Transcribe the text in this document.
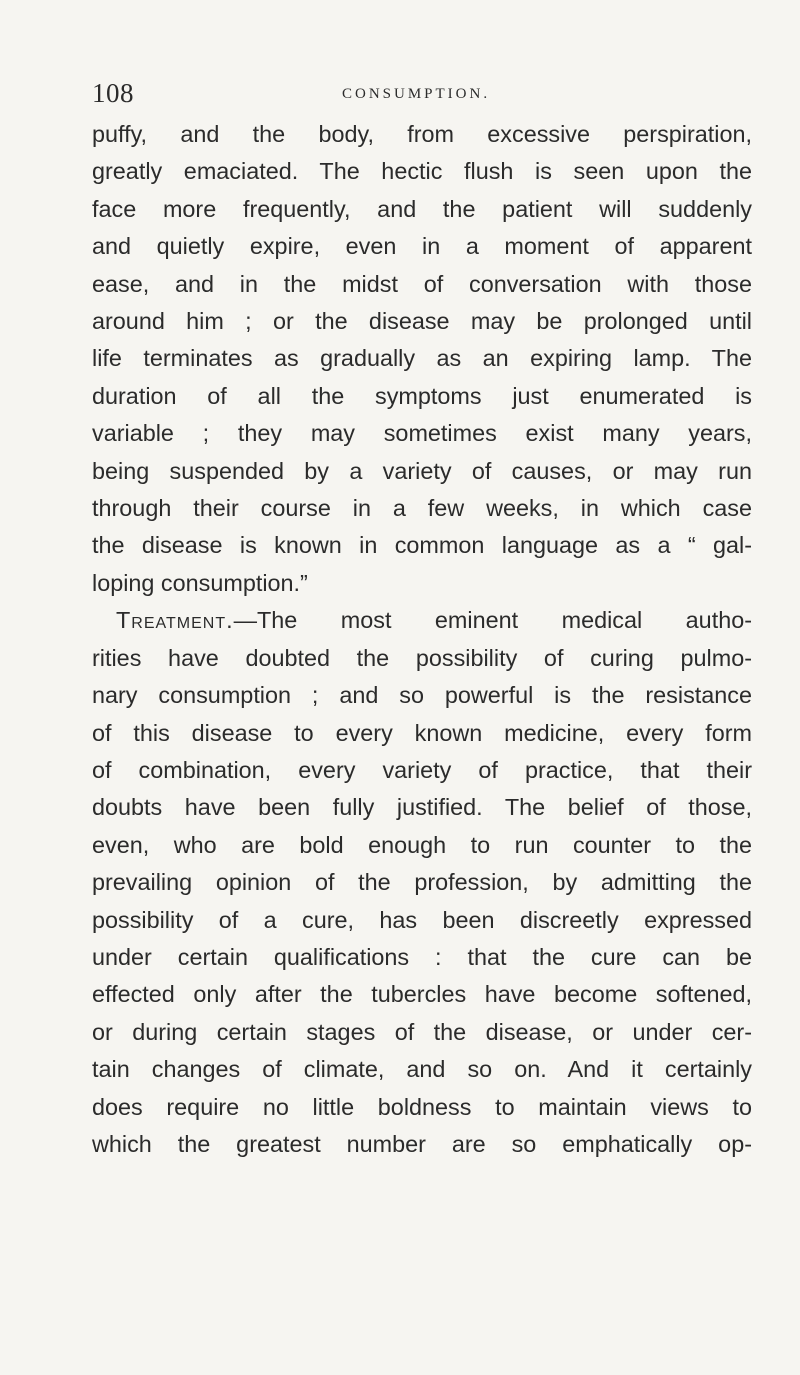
108	CONSUMPTION.
puffy, and the body, from excessive perspiration,
greatly emaciated. The hectic flush is seen upon the
face more frequently, and the patient will suddenly
and quietly expire, even in a moment of apparent
ease, and in the midst of conversation with those
around him ; or the disease may be prolonged until
life terminates as gradually as an expiring lamp. The
duration of all the symptoms just enumerated is
variable ; they may sometimes exist many years,
being suspended by a variety of causes, or may run
through their course in a few weeks, in which case
the disease is known in common language as a “ gal-
loping consumption.”
Treatment.—The most eminent medical autho-
rities have doubted the possibility of curing pulmo-
nary consumption ; and so powerful is the resistance
of this disease to every known medicine, every form
of combination, every variety of practice, that their
doubts have been fully justified. The belief of those,
even, who are bold enough to run counter to the
prevailing opinion of the profession, by admitting the
possibility of a cure, has been discreetly expressed
under certain qualifications : that the cure can be
effected only after the tubercles have become softened,
or during certain stages of the disease, or under cer-
tain changes of climate, and so on. And it certainly
does require no little boldness to maintain views to
which the greatest number are so emphatically op-
